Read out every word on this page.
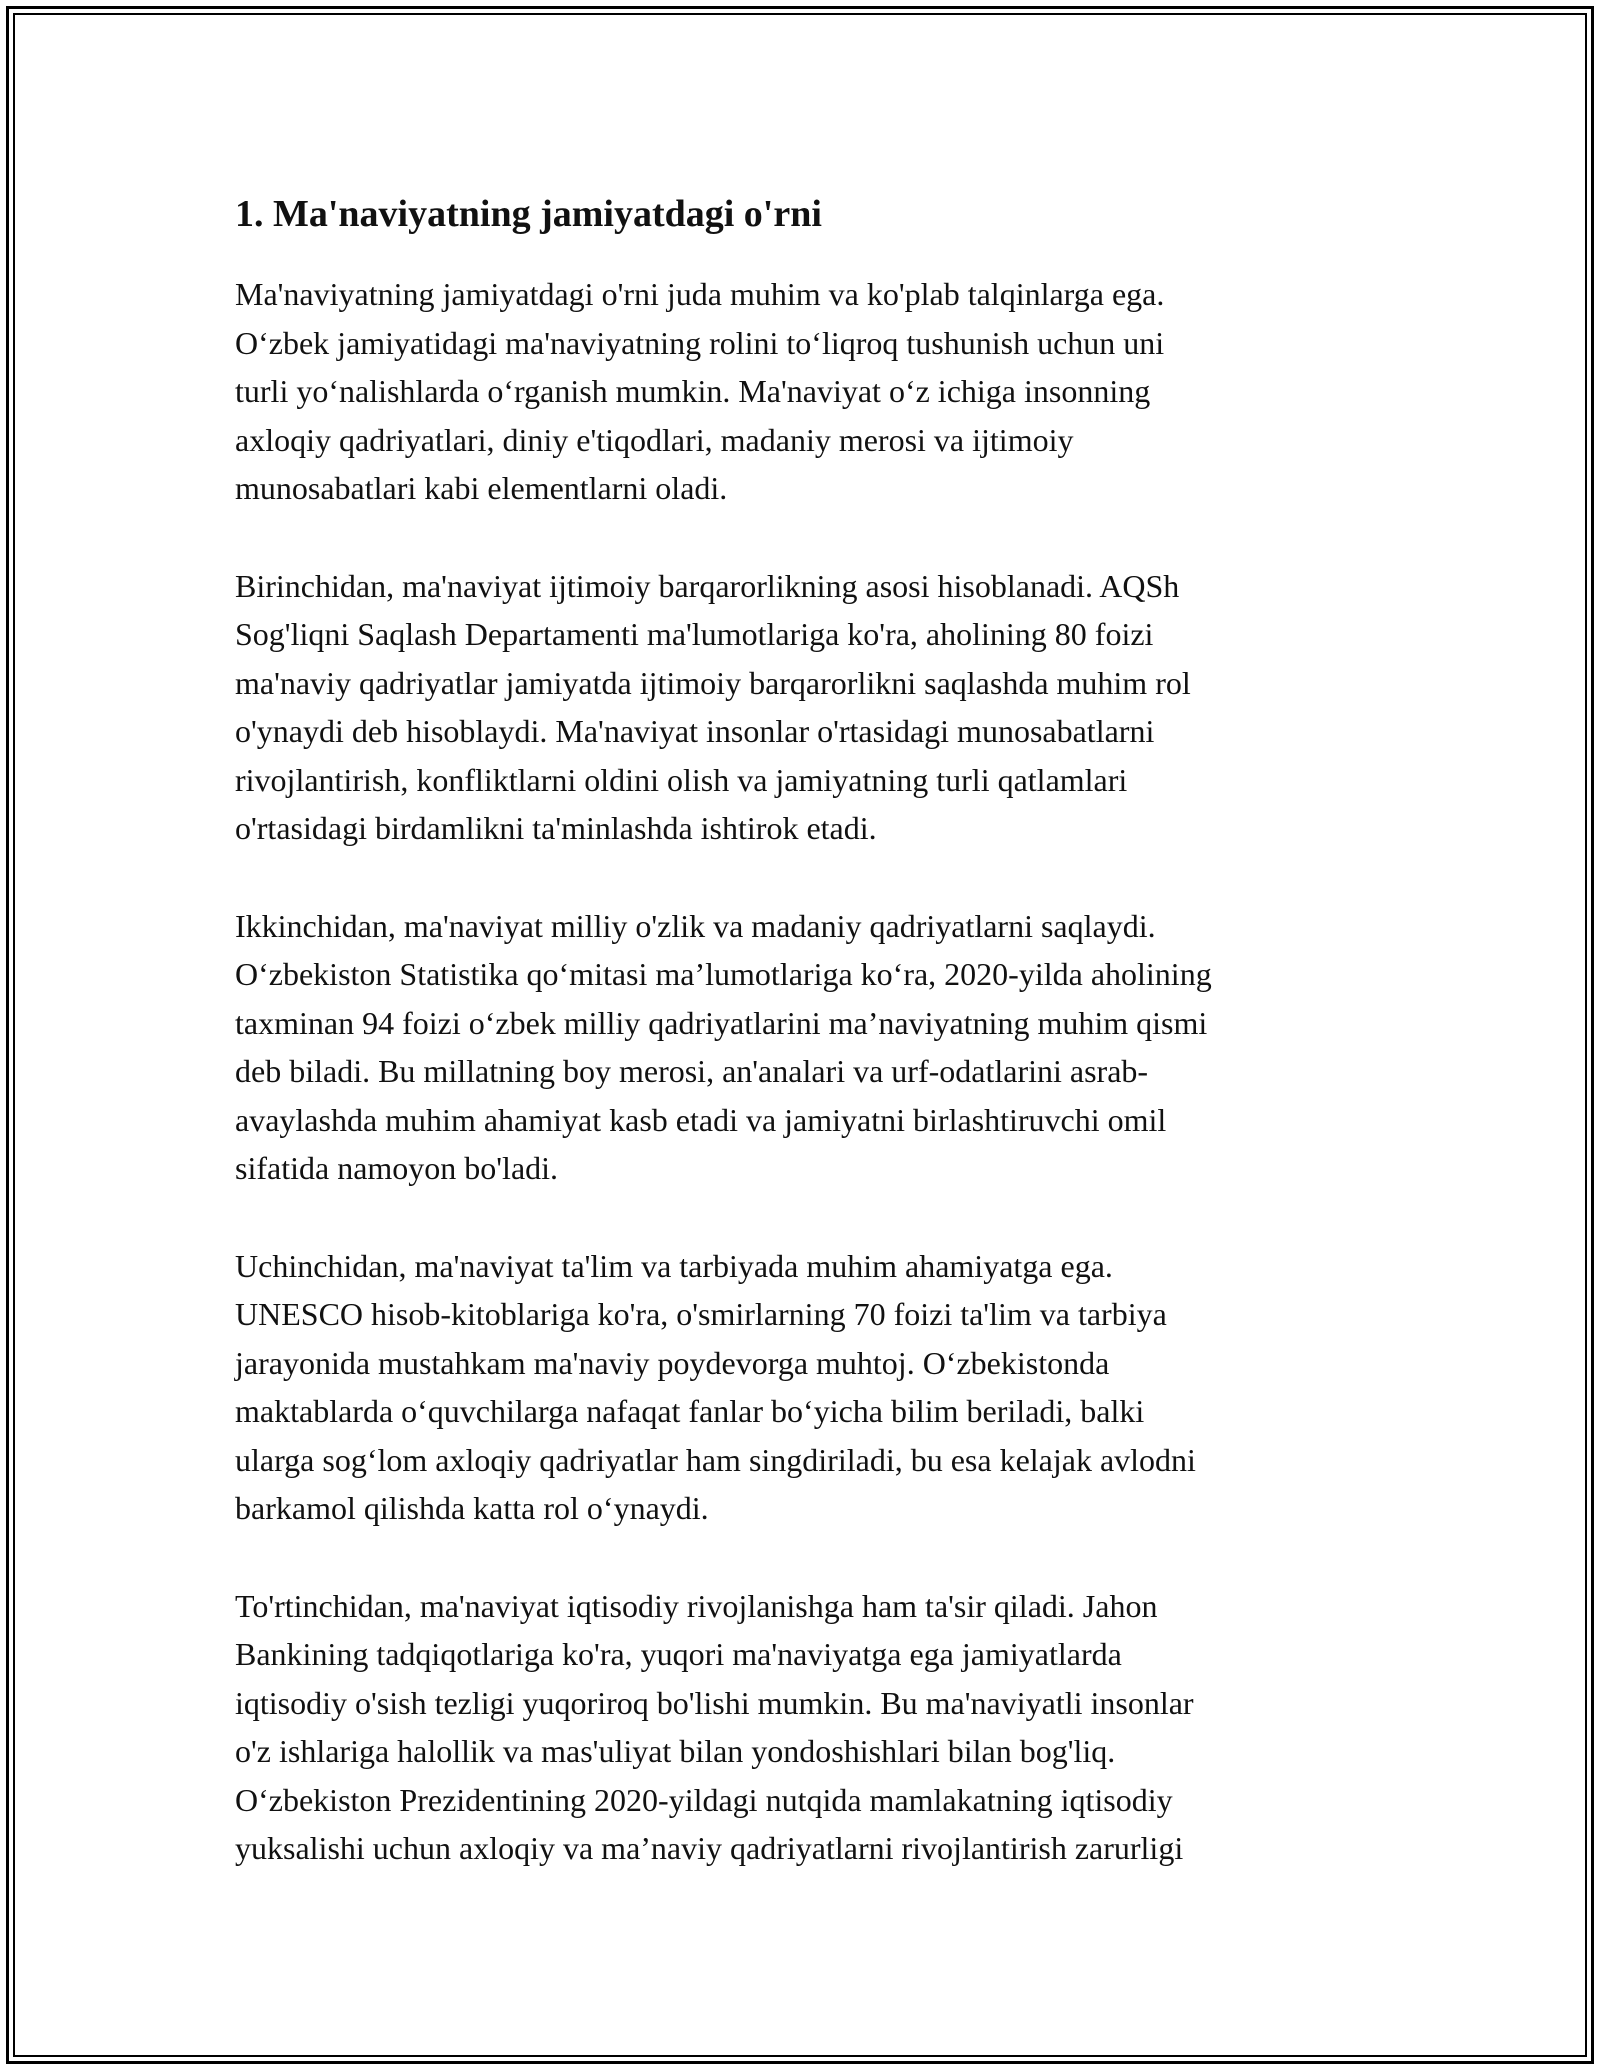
1. Ma'naviyatning jamiyatdagi o'rni

Ma'naviyatning jamiyatdagi o'rni juda muhim va ko'plab talqinlarga ega.
O‘zbek jamiyatidagi ma'naviyatning rolini to‘liqroq tushunish uchun uni
turli yo‘nalishlarda o‘rganish mumkin. Ma'naviyat o‘z ichiga insonning
axloqiy qadriyatlari, diniy e'tiqodlari, madaniy merosi va ijtimoiy
munosabatlari kabi elementlarni oladi.

Birinchidan, ma'naviyat ijtimoiy barqarorlikning asosi hisoblanadi. AQSh
Sog'liqni Saqlash Departamenti ma'lumotlariga ko'ra, aholining 80 foizi
ma'naviy qadriyatlar jamiyatda ijtimoiy barqarorlikni saqlashda muhim rol
o'ynaydi deb hisoblaydi. Ma'naviyat insonlar o'rtasidagi munosabatlarni
rivojlantirish, konfliktlarni oldini olish va jamiyatning turli qatlamlari
o'rtasidagi birdamlikni ta'minlashda ishtirok etadi.

Ikkinchidan, ma'naviyat milliy o'zlik va madaniy qadriyatlarni saqlaydi.
O‘zbekiston Statistika qo‘mitasi ma’lumotlariga ko‘ra, 2020-yilda aholining
taxminan 94 foizi o‘zbek milliy qadriyatlarini ma’naviyatning muhim qismi
deb biladi. Bu millatning boy merosi, an'analari va urf-odatlarini asrab-
avaylashda muhim ahamiyat kasb etadi va jamiyatni birlashtiruvchi omil
sifatida namoyon bo'ladi.

Uchinchidan, ma'naviyat ta'lim va tarbiyada muhim ahamiyatga ega.
UNESCO hisob-kitoblariga ko'ra, o'smirlarning 70 foizi ta'lim va tarbiya
jarayonida mustahkam ma'naviy poydevorga muhtoj. O‘zbekistonda
maktablarda o‘quvchilarga nafaqat fanlar bo‘yicha bilim beriladi, balki
ularga sog‘lom axloqiy qadriyatlar ham singdiriladi, bu esa kelajak avlodni
barkamol qilishda katta rol o‘ynaydi.

To'rtinchidan, ma'naviyat iqtisodiy rivojlanishga ham ta'sir qiladi. Jahon
Bankining tadqiqotlariga ko'ra, yuqori ma'naviyatga ega jamiyatlarda
iqtisodiy o'sish tezligi yuqoriroq bo'lishi mumkin. Bu ma'naviyatli insonlar
o'z ishlariga halollik va mas'uliyat bilan yondoshishlari bilan bog'liq.
O‘zbekiston Prezidentining 2020-yildagi nutqida mamlakatning iqtisodiy
yuksalishi uchun axloqiy va ma’naviy qadriyatlarni rivojlantirish zarurligi
